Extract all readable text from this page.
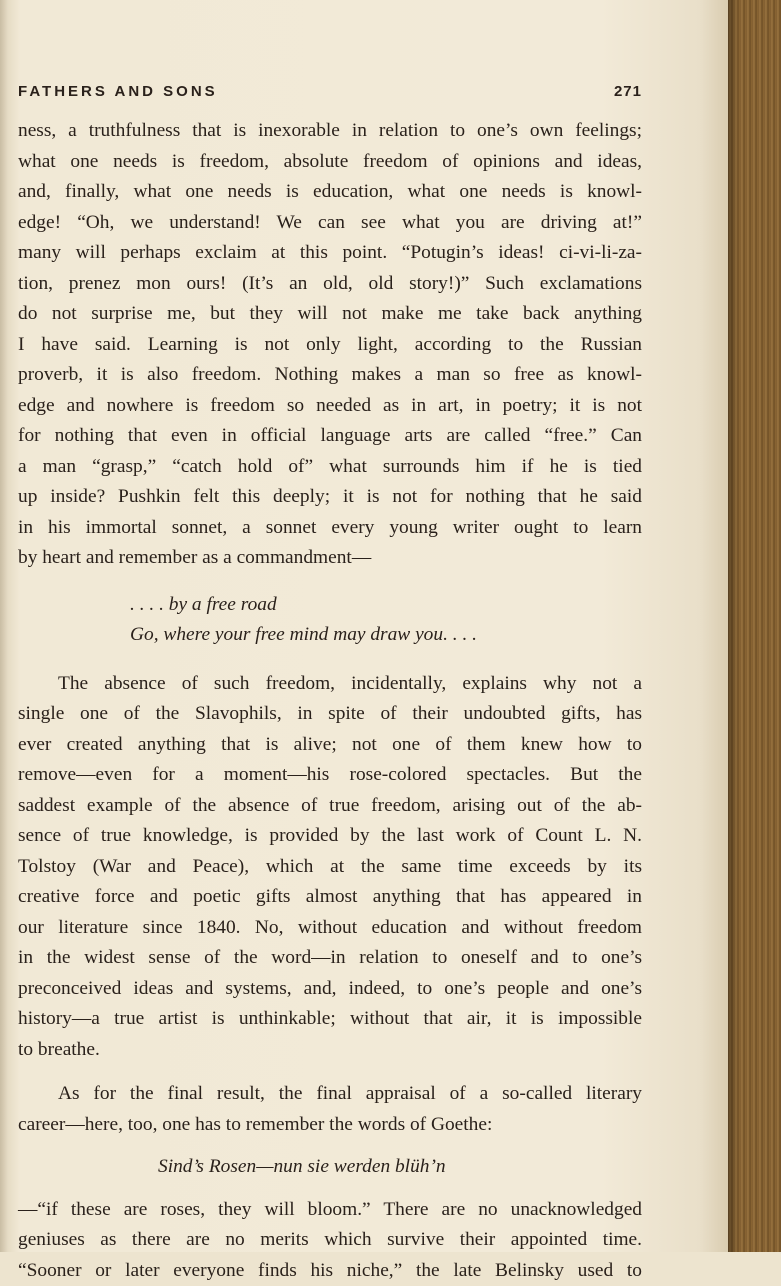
FATHERS AND SONS	271
ness, a truthfulness that is inexorable in relation to one’s own feelings;
what one needs is freedom, absolute freedom of opinions and ideas,
and, finally, what one needs is education, what one needs is knowl-
edge! “Oh, we understand! We can see what you are driving at!”
many will perhaps exclaim at this point. “Potugin’s ideas! ci-vi-li-za-
tion, prenez mon ours! (It’s an old, old story!)” Such exclamations
do not surprise me, but they will not make me take back anything
I have said. Learning is not only light, according to the Russian
proverb, it is also freedom. Nothing makes a man so free as knowl-
edge and nowhere is freedom so needed as in art, in poetry; it is not
for nothing that even in official language arts are called “free.” Can
a man “grasp,” “catch hold of” what surrounds him if he is tied
up inside? Pushkin felt this deeply; it is not for nothing that he said
in his immortal sonnet, a sonnet every young writer ought to learn
by heart and remember as a commandment—
. . . . by a free road
Go, where your free mind may draw you. . . .
The absence of such freedom, incidentally, explains why not a
single one of the Slavophils, in spite of their undoubted gifts, has
ever created anything that is alive; not one of them knew how to
remove—even for a moment—his rose-colored spectacles. But the
saddest example of the absence of true freedom, arising out of the ab-
sence of true knowledge, is provided by the last work of Count L. N.
Tolstoy (War and Peace), which at the same time exceeds by its
creative force and poetic gifts almost anything that has appeared in
our literature since 1840. No, without education and without freedom
in the widest sense of the word—in relation to oneself and to one’s
preconceived ideas and systems, and, indeed, to one’s people and one’s
history—a true artist is unthinkable; without that air, it is impossible
to breathe.
As for the final result, the final appraisal of a so-called literary
career—here, too, one has to remember the words of Goethe:
Sind’s Rosen—nun sie werden blüh’n
—“if these are roses, they will bloom.” There are no unacknowledged
geniuses as there are no merits which survive their appointed time.
“Sooner or later everyone finds his niche,” the late Belinsky used to
